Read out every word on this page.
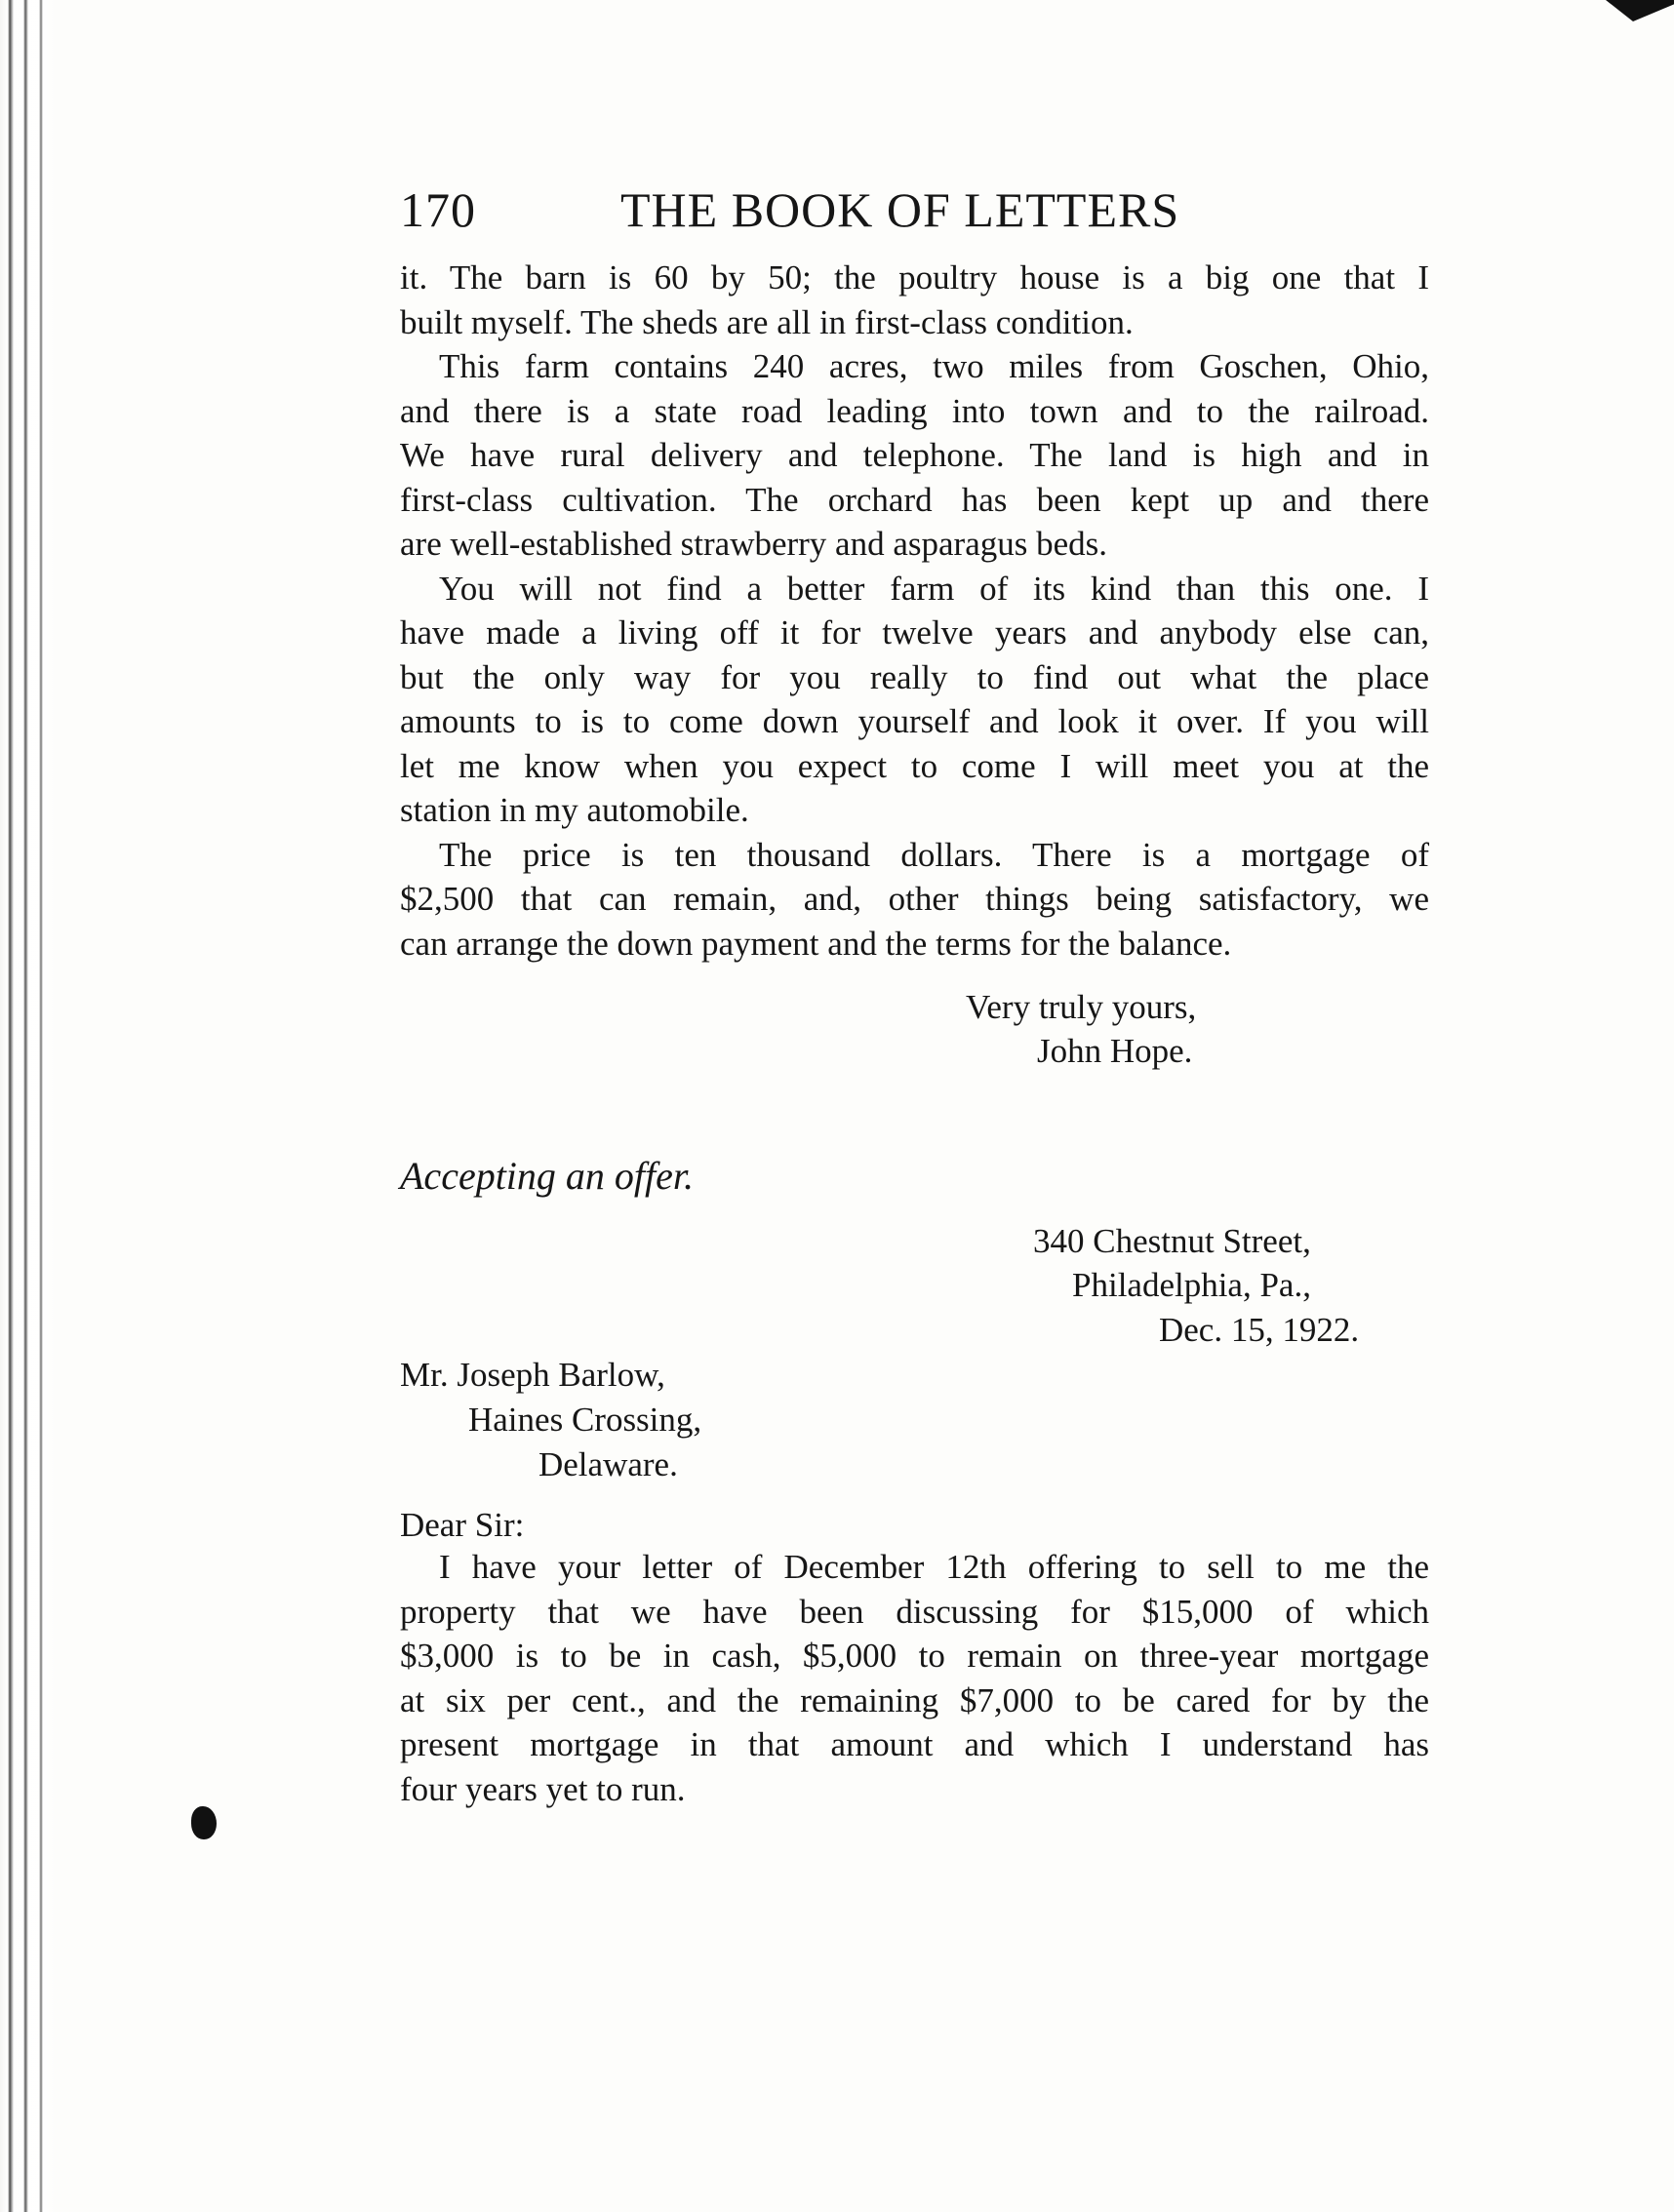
170	THE BOOK OF LETTERS
it. The barn is 60 by 50; the poultry house is a big one that I
built myself. The sheds are all in first-class condition.
This farm contains 240 acres, two miles from Goschen, Ohio,
and there is a state road leading into town and to the railroad.
We have rural delivery and telephone. The land is high and in
first-class cultivation. The orchard has been kept up and there
are well-established strawberry and asparagus beds.
You will not find a better farm of its kind than this one. I
have made a living off it for twelve years and anybody else can,
but the only way for you really to find out what the place
amounts to is to come down yourself and look it over. If you will
let me know when you expect to come I will meet you at the
station in my automobile.
The price is ten thousand dollars. There is a mortgage of
$2,500 that can remain, and, other things being satisfactory, we
can arrange the down payment and the terms for the balance.
Very truly yours,
John Hope.
Accepting an offer.
340 Chestnut Street,
Philadelphia, Pa.,
Dec. 15, 1922.
Mr. Joseph Barlow,
Haines Crossing,
Delaware.
Dear Sir:
I have your letter of December 12th offering to sell to me the
property that we have been discussing for $15,000 of which
$3,000 is to be in cash, $5,000 to remain on three-year mortgage
at six per cent., and the remaining $7,000 to be cared for by the
present mortgage in that amount and which I understand has
four years yet to run.
